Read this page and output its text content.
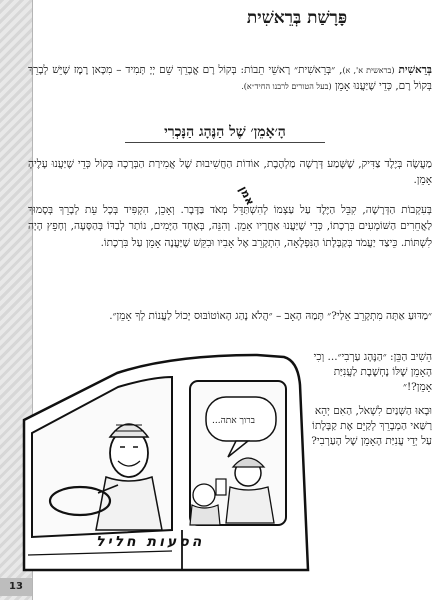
13
פָּרָשַׁת בְּרֵאשִׁית
בְּרֵאשִׁית (בראשית א', א), ״בְּרֵאשִׁית״ רָאשֵׁי תֵבוֹת: בְּקוֹל רָם אֱבָרֵךְ שֵׁם יְיָ תָּמִיד – מִכָּאן רֶמֶז שֶׁיֵּשׁ לְבָרֵךְ בְּקוֹל רָם, כְּדֵי שֶׁיַּעֲנוּ אָמֵן (בעל הטורים לרבנו החיד״א).
הָ׳אָמֵן׳ שֶׁל הַנֶּהָג הַנָּכְרִי
מַעֲשֶׂה בְּיֶלֶד צַדִּיק, שֶׁשָּׁמַע דְּרָשָׁה מַלְהֶבֶת, אוֹדוֹת הַחֲשִׁיבוּת שֶׁל אֲמִירַת הַבְּרָכָה בְּקוֹל כְּדֵי שֶׁיַּעֲנוּ עָלֶיהָ אָמֵן.
בְּעִקְבוֹת הַדְּרָשָׁה, קִבֵּל הַיֶּלֶד עַל עַצְמוֹ לְהִשְׁתַּדֵּל מְאֹד בַּדָּבָר. וְאָכֵן, הִקְפִּיד בְּכָל עֵת לְבָרֵךְ בְּסָמוּךְ לַאֲחֵרִים הַשּׁוֹמְעִים בִּרְכָתוֹ, כְּדֵי שֶׁיַּעֲנוּ אַחֲרָיו אָמֵן. וְהִנֵּה, בְּאֶחָד הַיָּמִים, נוֹתַר לְבַדּוֹ בְּהַסָּעָה, וְחָפֵץ הָיָה לִשְׁתּוֹת. כֵּיצַד יַעֲמֹד בְּקַבָּלָתוֹ הַנִּפְלָאָה, הִתְקָרֵב אֶל אָבִיו וּבִקֵּשׁ שֶׁיַּעֲנֶה אָמֵן עַל בִּרְכָתוֹ.
״מַדּוּעַ אַתָּה מִתְקָרֵב אֵלַי?״ תָּמַהּ הָאָב – ״הֲלֹא נֶהַג הָאוֹטוֹבּוּס יָכוֹל לַעֲנוֹת לְךָ אָמֵן״.

הֵשִׁיב הַבֵּן: ״הַנֶּהָג עַרְבִי״... וְכִי הָאָמֵן שֶׁלּוֹ נֶחְשֶׁבֶת לַעֲנִיַּת אָמֵן?!״

וּבָאוּ הַשְּׁנַיִם לִשְׁאֹל, הַאִם יְהֵא רַשַּׁאי הַמְבָרֵךְ לְקַיֵּם אֶת קַבָּלָתוֹ עַל יְדֵי עֲנִיַּת הָאָמֵן שֶׁל הָעַרְבִי?

ברוך אתה...
הסעות חליל
אמן
